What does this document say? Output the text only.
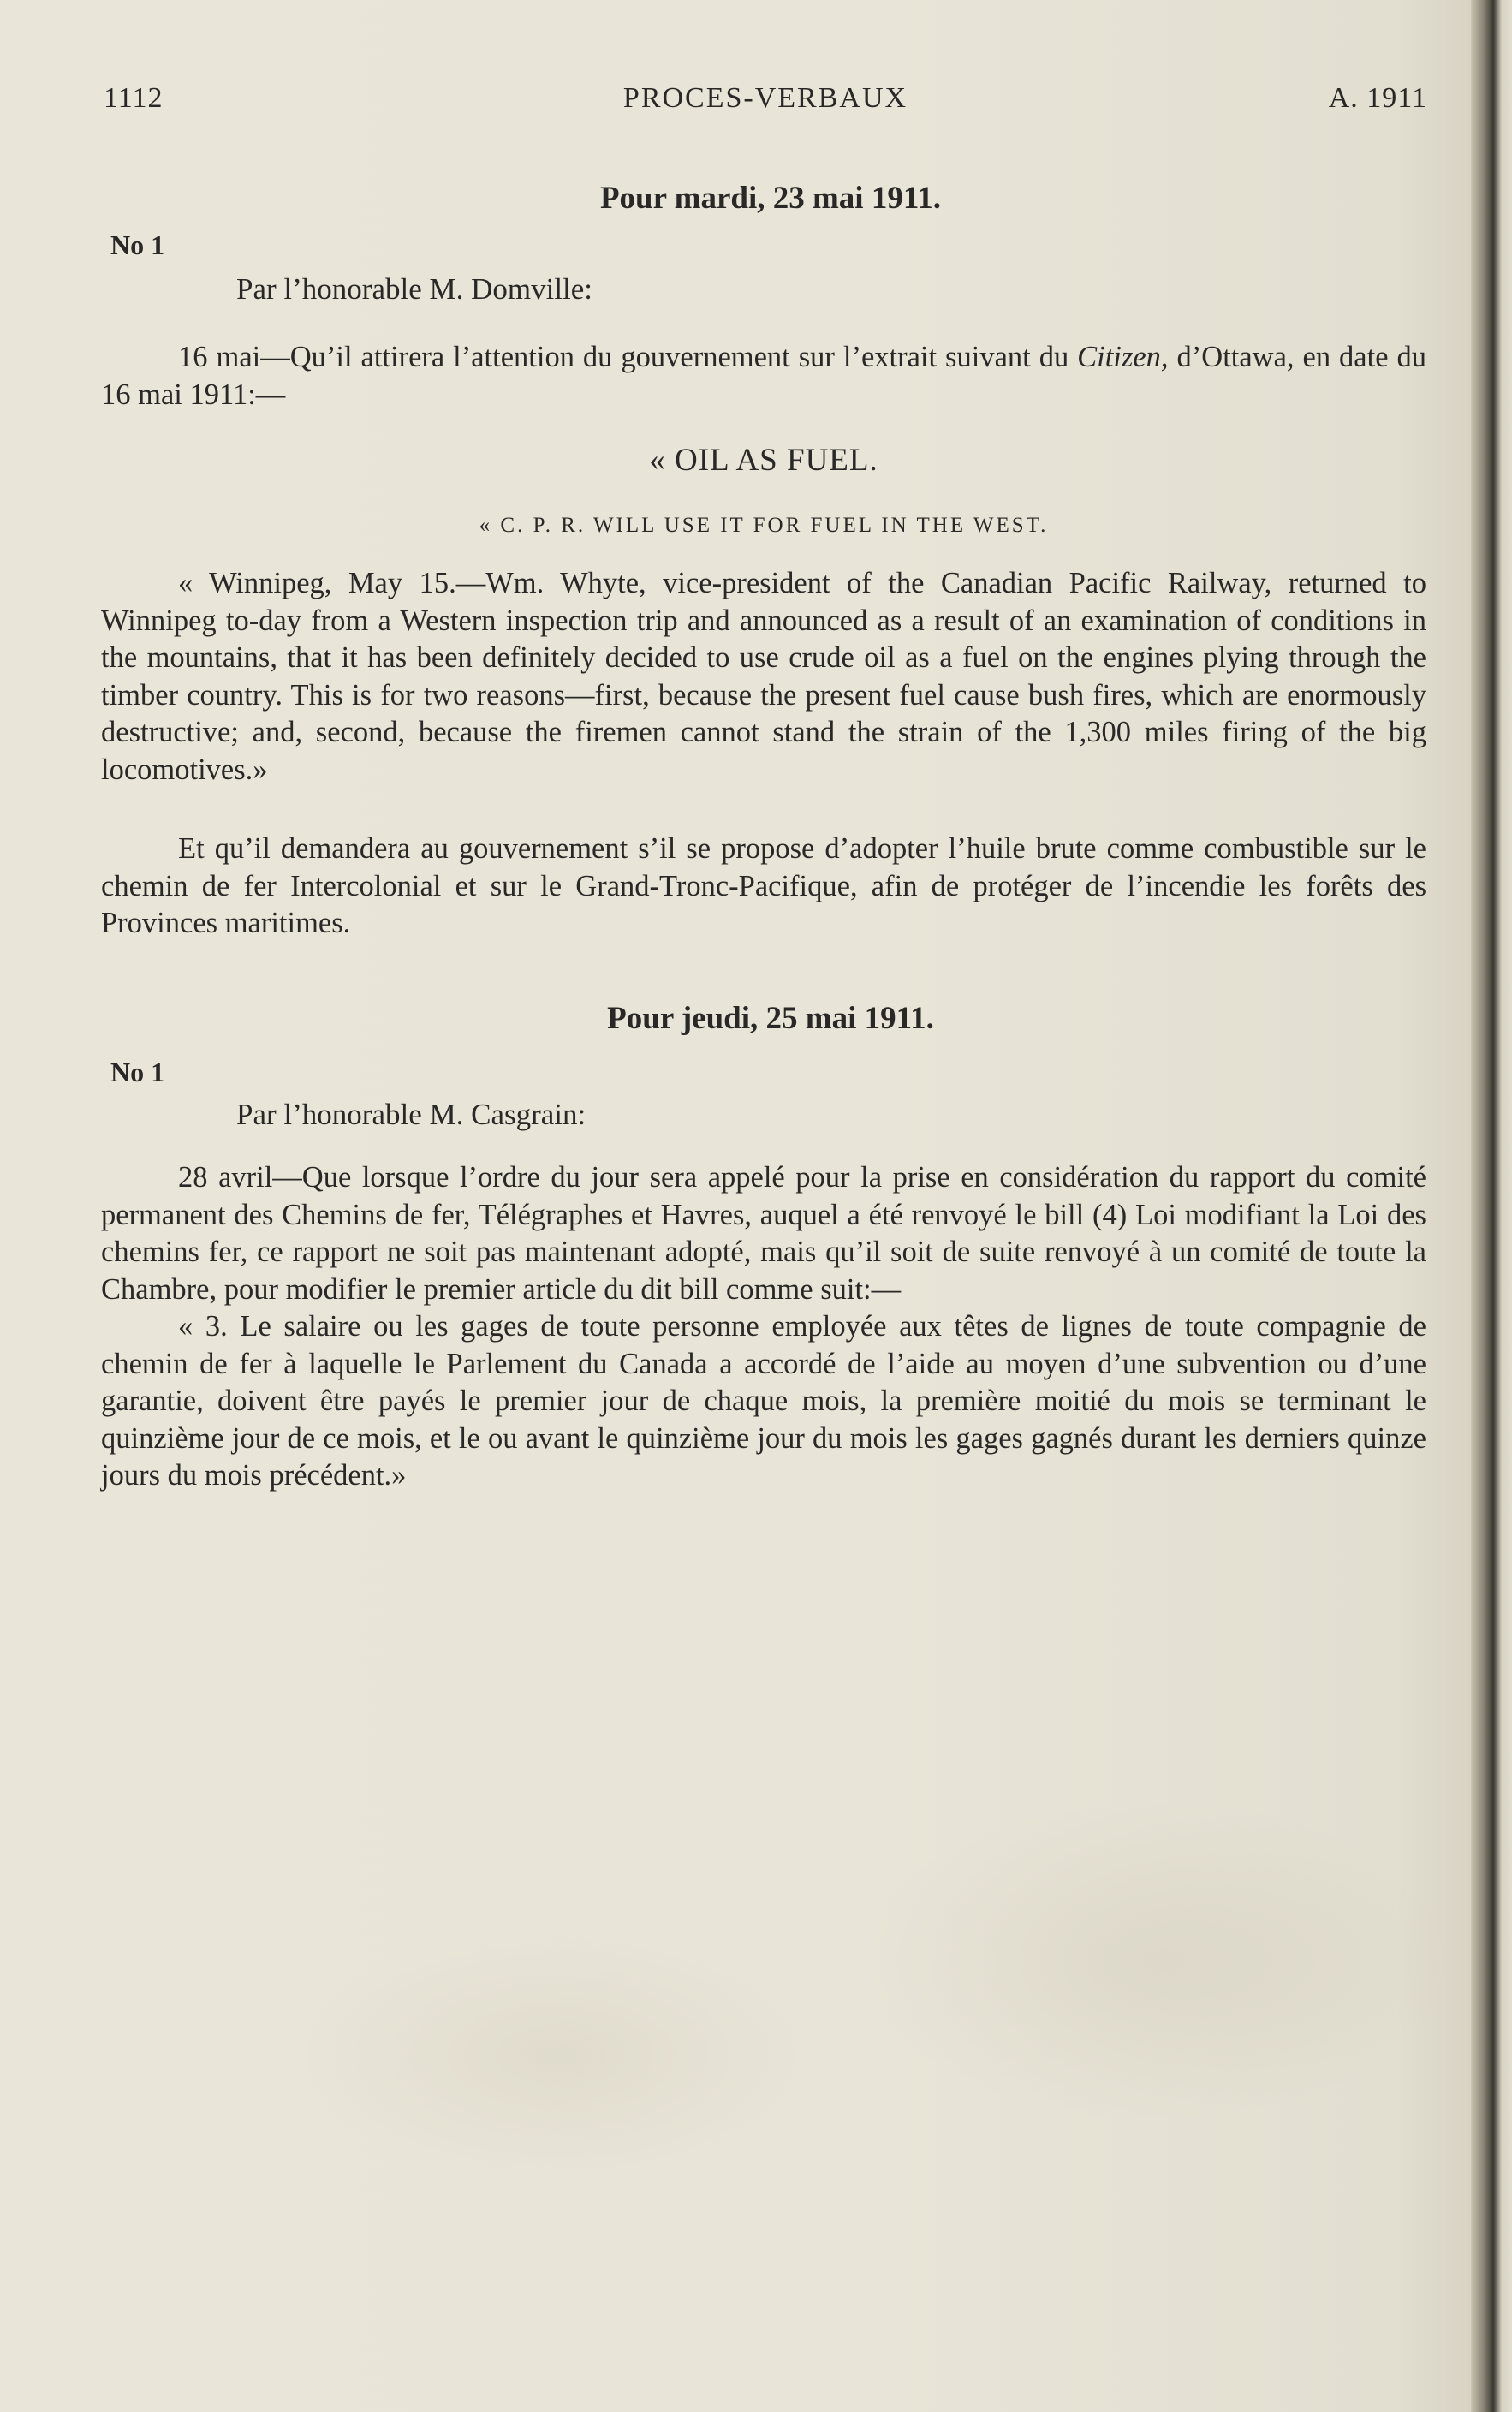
1112	PROCES-VERBAUX	A. 1911
Pour mardi, 23 mai 1911.
No 1
Par l’honorable M. Domville:

16 mai—Qu’il attirera l’attention du gouvernement sur l’extrait suivant du Citizen, d’Ottawa, en date du 16 mai 1911:—

« OIL AS FUEL.
« C. P. R. WILL USE IT FOR FUEL IN THE WEST.

« Winnipeg, May 15.—Wm. Whyte, vice-president of the Canadian Pacific Railway, returned to Winnipeg to-day from a Western inspection trip and announced as a result of an examination of conditions in the mountains, that it has been definitely decided to use crude oil as a fuel on the engines plying through the timber country. This is for two reasons—first, because the present fuel cause bush fires, which are enormously destructive; and, second, because the firemen cannot stand the strain of the 1,300 miles firing of the big locomotives.»

Et qu’il demandera au gouvernement s’il se propose d’adopter l’huile brute comme combustible sur le chemin de fer Intercolonial et sur le Grand-Tronc-Pacifique, afin de protéger de l’incendie les forêts des Provinces maritimes.

Pour jeudi, 25 mai 1911.
No 1
Par l’honorable M. Casgrain:

28 avril—Que lorsque l’ordre du jour sera appelé pour la prise en considération du rapport du comité permanent des Chemins de fer, Télégraphes et Havres, auquel a été renvoyé le bill (4) Loi modifiant la Loi des chemins fer, ce rapport ne soit pas maintenant adopté, mais qu’il soit de suite renvoyé à un comité de toute la Chambre, pour modifier le premier article du dit bill comme suit:—

« 3. Le salaire ou les gages de toute personne employée aux têtes de lignes de toute compagnie de chemin de fer à laquelle le Parlement du Canada a accordé de l’aide au moyen d’une subvention ou d’une garantie, doivent être payés le premier jour de chaque mois, la première moitié du mois se terminant le quinzième jour de ce mois, et le ou avant le quinzième jour du mois les gages gagnés durant les derniers quinze jours du mois précédent.»
